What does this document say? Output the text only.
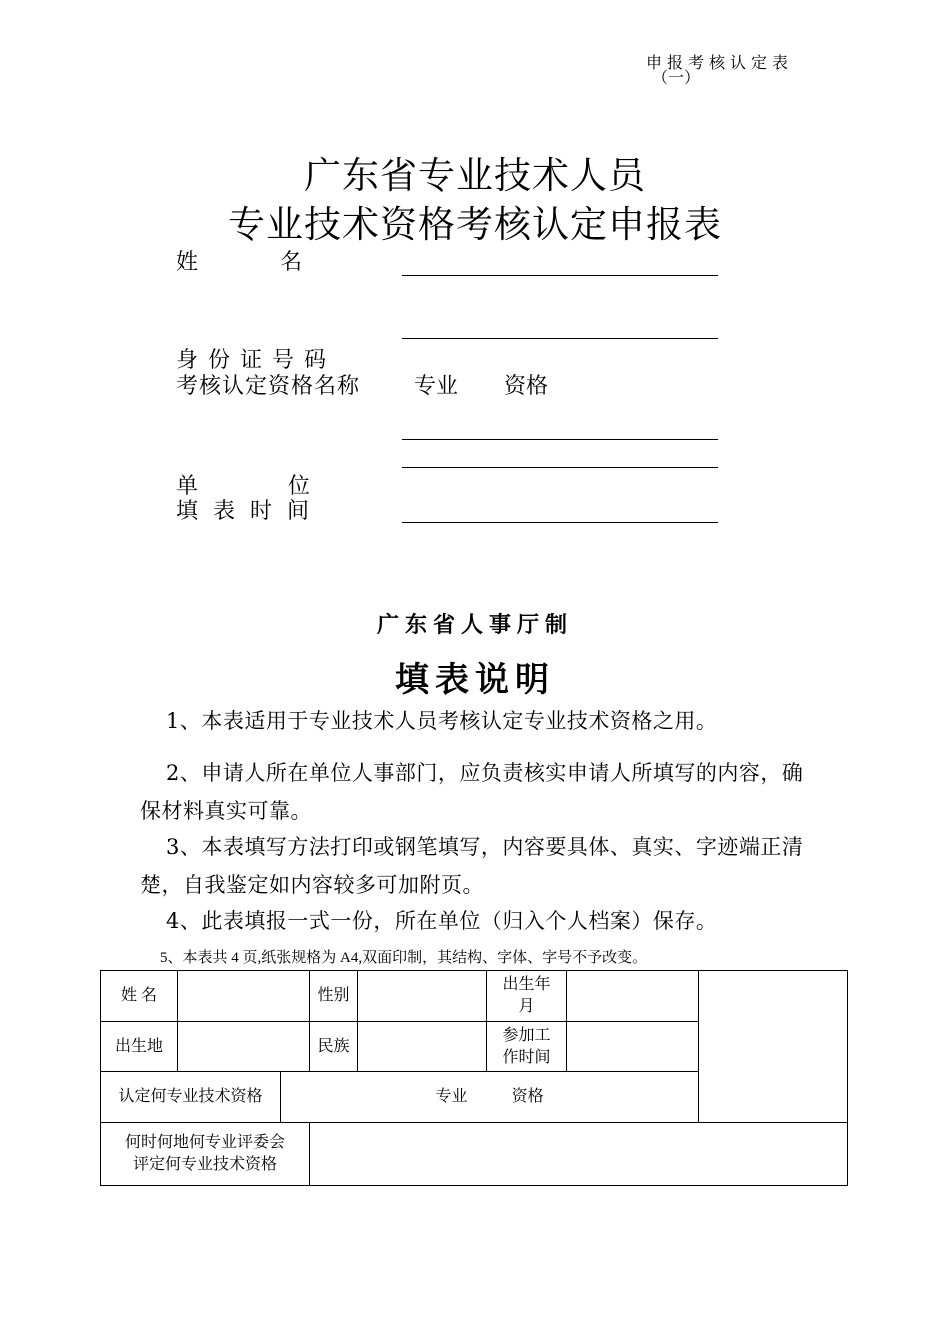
申报考核认定表
（一）
广东省专业技术人员
专业技术资格考核认定申报表
姓　　　名
身份证号码
考核认定资格名称 专业 资格
单　　　位
填 表 时 间
广东省人事厅制
填表说明
1、本表适用于专业技术人员考核认定专业技术资格之用。
2、申请人所在单位人事部门，应负责核实申请人所填写的内容，确保材料真实可靠。
3、本表填写方法打印或钢笔填写，内容要具体、真实、字迹端正清楚，自我鉴定如内容较多可加附页。
4、此表填报一式一份，所在单位（归入个人档案）保存。
5、本表共 4 页,纸张规格为 A4,双面印制，其结构、字体、字号不予改变。
姓 名			性别		出生年月		
出生地			民族		参加工作时间		
认定何专业技术资格		专业 资格					
何时何地何专业评委会评定何专业技术资格							
